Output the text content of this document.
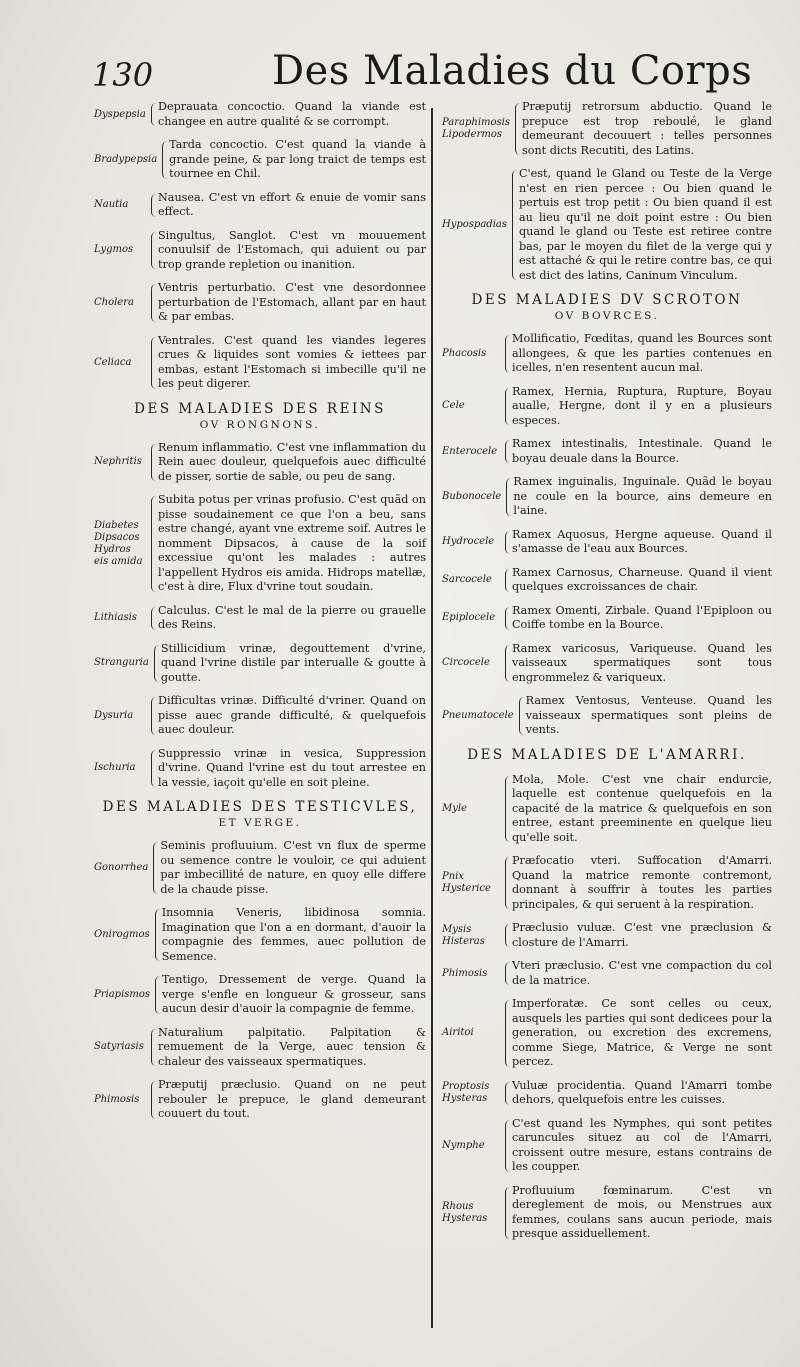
130	Des Maladies du Corps
Dyspepsia
Deprauata concoctio. Quand la viande est changee en autre qualité & se corrompt.
Bradypepsia
Tarda concoctio. C'est quand la viande à grande peine, & par long traict de temps est tournee en Chil.
Nautia
Nausea. C'est vn effort & enuie de vomir sans effect.
Lygmos
Singultus, Sanglot. C'est vn mouuement conuulsif de l'Estomach, qui aduient ou par trop grande repletion ou inanition.
Cholera
Ventris perturbatio. C'est vne desordonnee perturbation de l'Estomach, allant par en haut & par embas.
Celiaca
Ventrales. C'est quand les viandes legeres crues & liquides sont vomies & iettees par embas, estant l'Estomach si imbecille qu'il ne les peut digerer.
DES MALADIES DES REINS
OV RONGNONS.
Nephritis
Renum inflammatio. C'est vne inflammation du Rein auec douleur, quelquefois auec difficulté de pisser, sortie de sable, ou peu de sang.
Diabetes Dipsacos Hydros eis amida
Subita potus per vrinas profusio. C'est quãd on pisse soudainement ce que l'on a beu, sans estre changé, ayant vne extreme soif. Autres le nomment Dipsacos, à cause de la soif excessiue qu'ont les malades : autres l'appellent Hydros eis amida. Hidrops matellæ, c'est à dire, Flux d'vrine tout soudain.
Lithiasis
Calculus. C'est le mal de la pierre ou grauelle des Reins.
Stranguria
Stillicidium vrinæ, degouttement d'vrine, quand l'vrine distile par interualle & goutte à goutte.
Dysuria
Difficultas vrinæ. Difficulté d'vriner. Quand on pisse auec grande difficulté, & quelquefois auec douleur.
Ischuria
Suppressio vrinæ in vesica, Suppression d'vrine. Quand l'vrine est du tout arrestee en la vessie, iaçoit qu'elle en soit pleine.
DES MALADIES DES TESTICVLES,
ET VERGE.
Gonorrhea
Seminis profluuium. C'est vn flux de sperme ou semence contre le vouloir, ce qui aduient par imbecillité de nature, en quoy elle differe de la chaude pisse.
Onirogmos
Insomnia Veneris, libidinosa somnia. Imagination que l'on a en dormant, d'auoir la compagnie des femmes, auec pollution de Semence.
Priapismos
Tentigo, Dressement de verge. Quand la verge s'enfle en longueur & grosseur, sans aucun desir d'auoir la compagnie de femme.
Satyriasis
Naturalium palpitatio. Palpitation & remuement de la Verge, auec tension & chaleur des vaisseaux spermatiques.
Phimosis
Præputij præclusio. Quand on ne peut rebouler le prepuce, le gland demeurant couuert du tout.
Paraphimosis Lipodermos
Præputij retrorsum abductio. Quand le prepuce est trop reboulé, le gland demeurant decouuert : telles personnes sont dicts Recutiti, des Latins.
Hypospadias
C'est, quand le Gland ou Teste de la Verge n'est en rien percee : Ou bien quand le pertuis est trop petit : Ou bien quand il est au lieu qu'il ne doit point estre : Ou bien quand le gland ou Teste est retiree contre bas, par le moyen du filet de la verge qui y est attaché & qui le retire contre bas, ce qui est dict des latins, Caninum Vinculum.
DES MALADIES DV SCROTON
OV BOVRCES.
Phacosis
Mollificatio, Fœditas, quand les Bources sont allongees, & que les parties contenues en icelles, n'en resentent aucun mal.
Cele
Ramex, Hernia, Ruptura, Rupture, Boyau aualle, Hergne, dont il y en a plusieurs especes.
Enterocele
Ramex intestinalis, Intestinale. Quand le boyau deuale dans la Bource.
Bubonocele
Ramex inguinalis, Inguinale. Quãd le boyau ne coule en la bource, ains demeure en l'aine.
Hydrocele
Ramex Aquosus, Hergne aqueuse. Quand il s'amasse de l'eau aux Bources.
Sarcocele
Ramex Carnosus, Charneuse. Quand il vient quelques excroissances de chair.
Epiplocele
Ramex Omenti, Zirbale. Quand l'Epiploon ou Coiffe tombe en la Bource.
Circocele
Ramex varicosus, Variqueuse. Quand les vaisseaux spermatiques sont tous engrommelez & variqueux.
Pneumatocele
Ramex Ventosus, Venteuse. Quand les vaisseaux spermatiques sont pleins de vents.
DES MALADIES DE L'AMARRI.
Myle
Mola, Mole. C'est vne chair endurcie, laquelle est contenue quelquefois en la capacité de la matrice & quelquefois en son entree, estant preeminente en quelque lieu qu'elle soit.
Pnix Hysterice
Præfocatio vteri. Suffocation d'Amarri. Quand la matrice remonte contremont, donnant à souffrir à toutes les parties principales, & qui seruent à la respiration.
Mysis Histeras
Præclusio vuluæ. C'est vne præclusion & closture de l'Amarri.
Phimosis
Vteri præclusio. C'est vne compaction du col de la matrice.
Airitoi
Imperforatæ. Ce sont celles ou ceux, ausquels les parties qui sont dedicees pour la generation, ou excretion des excremens, comme Siege, Matrice, & Verge ne sont percez.
Proptosis Hysteras
Vuluæ procidentia. Quand l'Amarri tombe dehors, quelquefois entre les cuisses.
Nymphe
C'est quand les Nymphes, qui sont petites caruncules situez au col de l'Amarri, croissent outre mesure, estans contrains de les coupper.
Rhous Hysteras
Profluuium fœminarum. C'est vn dereglement de mois, ou Menstrues aux femmes, coulans sans aucun periode, mais presque assiduellement.
